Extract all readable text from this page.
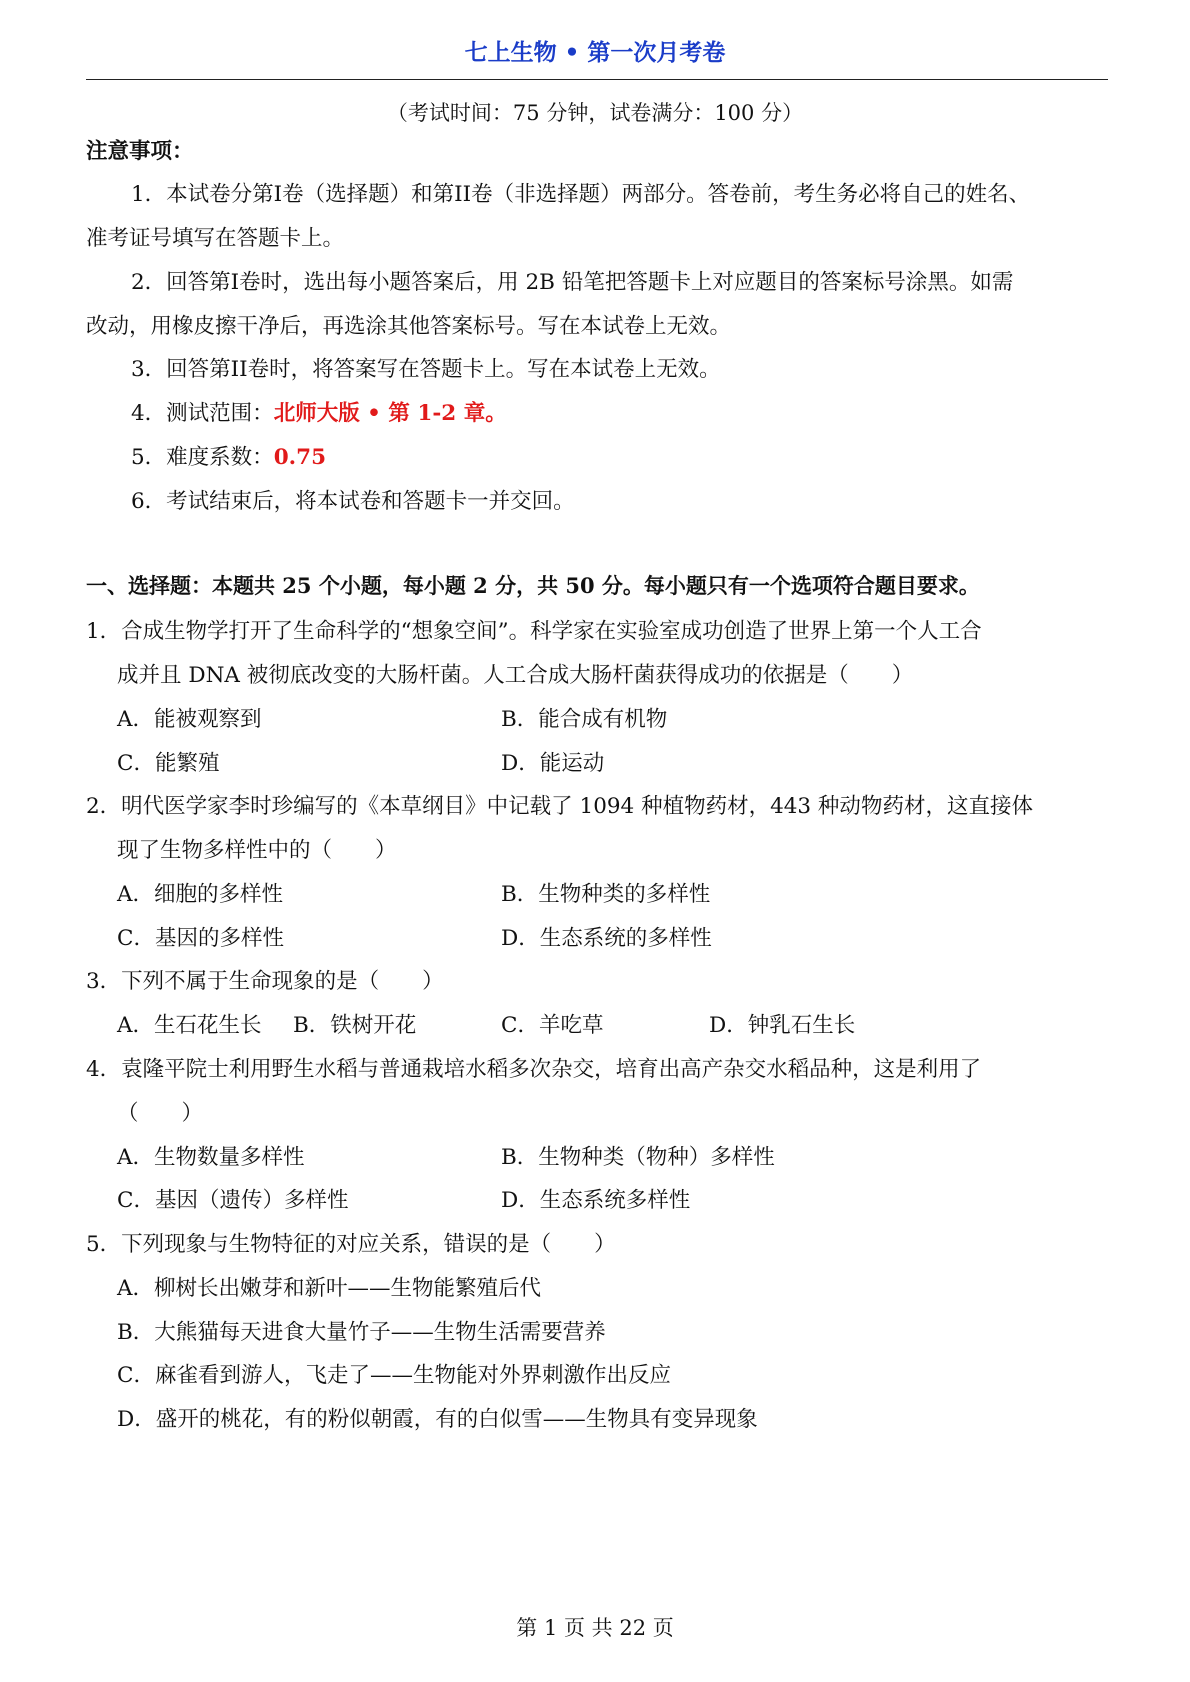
七上生物 • 第一次月考卷
（考试时间：75 分钟，试卷满分：100 分）
注意事项：
1．本试卷分第I卷（选择题）和第II卷（非选择题）两部分。答卷前，考生务必将自己的姓名、
准考证号填写在答题卡上。
2．回答第I卷时，选出每小题答案后，用 2B 铅笔把答题卡上对应题目的答案标号涂黑。如需
改动，用橡皮擦干净后，再选涂其他答案标号。写在本试卷上无效。
3．回答第II卷时，将答案写在答题卡上。写在本试卷上无效。
4．测试范围：北师大版 • 第 1-2 章。
5．难度系数：0.75
6．考试结束后，将本试卷和答题卡一并交回。
一、选择题：本题共 25 个小题，每小题 2 分，共 50 分。每小题只有一个选项符合题目要求。
1．合成生物学打开了生命科学的“想象空间”。科学家在实验室成功创造了世界上第一个人工合
成并且 DNA 被彻底改变的大肠杆菌。人工合成大肠杆菌获得成功的依据是（　　）
A．能被观察到	B．能合成有机物
C．能繁殖	D．能运动
2．明代医学家李时珍编写的《本草纲目》中记载了 1094 种植物药材，443 种动物药材，这直接体
现了生物多样性中的（　　）
A．细胞的多样性	B．生物种类的多样性
C．基因的多样性	D．生态系统的多样性
3．下列不属于生命现象的是（　　）
A．生石花生长 B．铁树开花	C．羊吃草	D．钟乳石生长
4．袁隆平院士利用野生水稻与普通栽培水稻多次杂交，培育出高产杂交水稻品种，这是利用了
（　　）
A．生物数量多样性	B．生物种类（物种）多样性
C．基因（遗传）多样性	D．生态系统多样性
5．下列现象与生物特征的对应关系，错误的是（　　）
A．柳树长出嫩芽和新叶——生物能繁殖后代
B．大熊猫每天进食大量竹子——生物生活需要营养
C．麻雀看到游人，飞走了——生物能对外界刺激作出反应
D．盛开的桃花，有的粉似朝霞，有的白似雪——生物具有变异现象
第 1 页 共 22 页
